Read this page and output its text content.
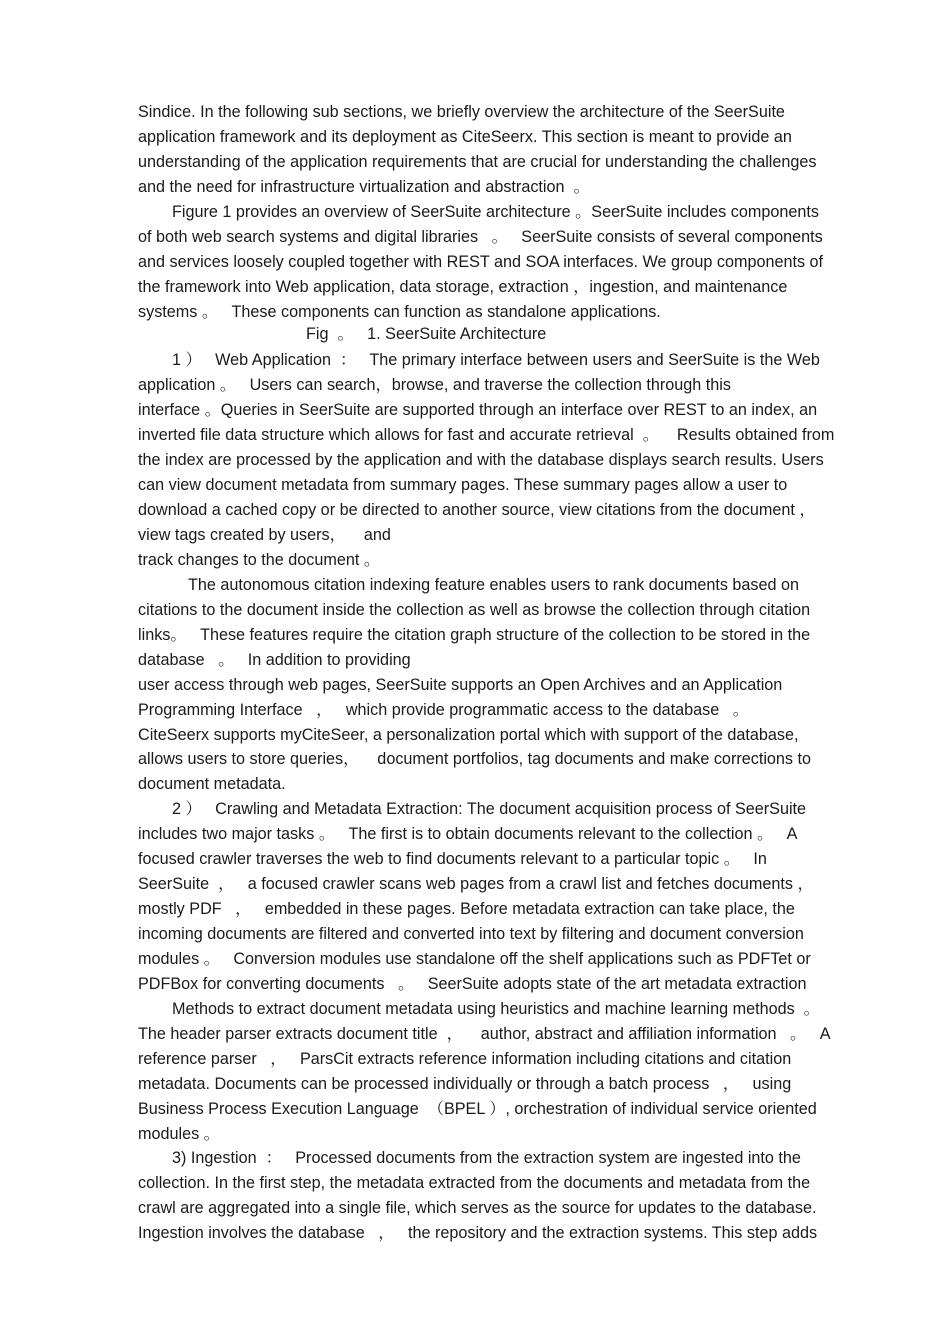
Sindice. In the following sub sections, we briefly overview the architecture of the SeerSuite
application framework and its deployment as CiteSeerx. This section is meant to provide an
understanding of the application requirements that are crucial for understanding the challenges
and the need for infrastructure virtualization and abstraction  。
Figure 1 provides an overview of SeerSuite architecture 。SeerSuite includes components
of both web search systems and digital libraries   。   SeerSuite consists of several components
and services loosely coupled together with REST and SOA interfaces. We group components of
the framework into Web application, data storage, extraction ，ingestion, and maintenance
systems 。   These components can function as standalone applications.
Fig  。   1. SeerSuite Architecture
1 ）   Web Application  ：   The primary interface between users and SeerSuite is the Web
application 。   Users can search，browse, and traverse the collection through this
interface 。Queries in SeerSuite are supported through an interface over REST to an index, an
inverted file data structure which allows for fast and accurate retrieval  。    Results obtained from
the index are processed by the application and with the database displays search results. Users
can view document metadata from summary pages. These summary pages allow a user to
download a cached copy or be directed to another source, view citations from the document ，
view tags created by users，    and
track changes to the document 。
The autonomous citation indexing feature enables users to rank documents based on
citations to the document inside the collection as well as browse the collection through citation
links。   These features require the citation graph structure of the collection to be stored in the
database   。   In addition to providing
user access through web pages, SeerSuite supports an Open Archives and an Application
Programming Interface   ，   which provide programmatic access to the database   。
CiteSeerx supports myCiteSeer, a personalization portal which with support of the database,
allows users to store queries，    document portfolios, tag documents and make corrections to
document metadata.
2 ）   Crawling and Metadata Extraction: The document acquisition process of SeerSuite
includes two major tasks 。   The first is to obtain documents relevant to the collection 。   A
focused crawler traverses the web to find documents relevant to a particular topic 。   In
SeerSuite  ，   a focused crawler scans web pages from a crawl list and fetches documents ，
mostly PDF   ，   embedded in these pages. Before metadata extraction can take place, the
incoming documents are filtered and converted into text by filtering and document conversion
modules 。   Conversion modules use standalone off the shelf applications such as PDFTet or
PDFBox for converting documents   。   SeerSuite adopts state of the art metadata extraction
Methods to extract document metadata using heuristics and machine learning methods  。
The header parser extracts document title  ，    author, abstract and affiliation information   。   A
reference parser   ，   ParsCit extracts reference information including citations and citation
metadata. Documents can be processed individually or through a batch process   ，   using
Business Process Execution Language  （BPEL ）, orchestration of individual service oriented
modules 。
3) Ingestion  ：   Processed documents from the extraction system are ingested into the
collection. In the first step, the metadata extracted from the documents and metadata from the
crawl are aggregated into a single file, which serves as the source for updates to the database.
Ingestion involves the database   ，   the repository and the extraction systems. This step adds
